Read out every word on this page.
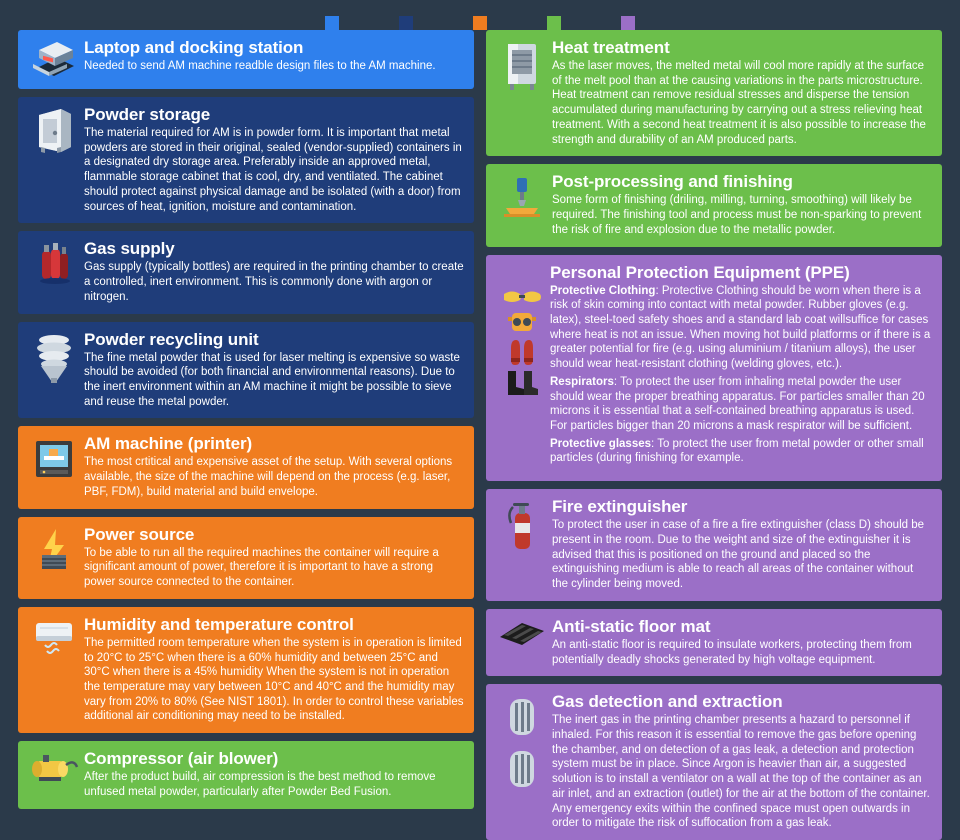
Laptop and docking station
Needed to send AM machine readble design files to the AM machine.
Powder storage
The material required for AM is in powder form. It is important that metal powders are stored in their original, sealed (vendor-supplied) containers in a designated dry storage area. Preferably inside an approved metal, flammable storage cabinet that is cool, dry, and ventilated. The cabinet should protect against physical damage and be isolated (with a door) from sources of heat, ignition, moisture and contamination.
Gas supply
Gas supply (typically bottles) are required in the printing chamber to create a controlled, inert environment. This is commonly done with argon or nitrogen.
Powder recycling unit
The fine metal powder that is used for laser melting is expensive so waste should be avoided (for both financial and environmental reasons). Due to the inert environment within an AM machine it might be possible to sieve and reuse the metal powder.
AM machine (printer)
The most crtitical and expensive asset of the setup. With several options available, the size of the machine will depend on the process (e.g. laser, PBF, FDM), build material and build envelope.
Power source
To be able to run all the required machines the container will require a significant amount of power, therefore it is important to have a strong power source connected to the container.
Humidity and temperature control
The permitted room temperature when the system is in operation is limited to 20°C to 25°C when there is a 60% humidity and between 25°C and 30°C when there is a 45% humidity When the system is not in operation the temperature may vary between 10°C and 40°C and the humidity may vary from 20% to 80% (See NIST 1801). In order to control these variables additional air conditioning may need to be installed.
Compressor (air blower)
After the product build, air compression is the best method to remove unfused metal powder, particularly after Powder Bed Fusion.
Heat treatment
As the laser moves, the melted metal will cool more rapidly at the surface of the melt pool than at the causing variations in the parts microstructure. Heat treatment can remove residual stresses and disperse the tension accumulated during manufacturing by carrying out a stress relieving heat treatment. With a second heat treatment it is also possible to increase the strength and durability of an AM produced parts.
Post-processing and finishing
Some form of finishing (driling, milling, turning, smoothing) will likely be required. The finishing tool and process must be non-sparking to prevent the risk of fire and explosion due to the metallic powder.
Personal Protection Equipment (PPE)

Protective Clothing: Protective Clothing should be worn when there is a risk of skin coming into contact with metal powder. Rubber gloves (e.g. latex), steel-toed safety shoes and a standard lab coat willsuffice for cases where heat is not an issue. When moving hot build platforms or if there is a greater potential for fire (e.g. using aluminium / titanium alloys), the user should wear heat-resistant clothing (welding gloves, etc.).

Respirators: To protect the user from inhaling metal powder the user should wear the proper breathing apparatus. For particles smaller than 20 microns it is essential that a self-contained breathing apparatus is used. For particles bigger than 20 microns a mask respirator will be sufficient.

Protective glasses: To protect the user from metal powder or other small particles (during finishing for example.

Fire extinguisher
To protect the user in case of a fire a fire extinguisher (class D) should be present in the room. Due to the weight and size of the extinguisher it is advised that this is positioned on the ground and placed so the extinguishing medium is able to reach all areas of the container without the cylinder being moved.
Anti-static floor mat
An anti-static floor is required to insulate workers, protecting them from potentially deadly shocks generated by high voltage equipment.
Gas detection and extraction
The inert gas in the printing chamber presents a hazard to personnel if inhaled. For this reason it is essential to remove the gas before opening the chamber, and on detection of a gas leak, a detection and protection system must be in place. Since Argon is heavier than air, a suggested solution is to install a ventilator on a wall at the top of the container as an air inlet, and an extraction (outlet) for the air at the bottom of the container. Any emergency exits within the confined space must open outwards in order to mitigate the risk of suffocation from a gas leak.
